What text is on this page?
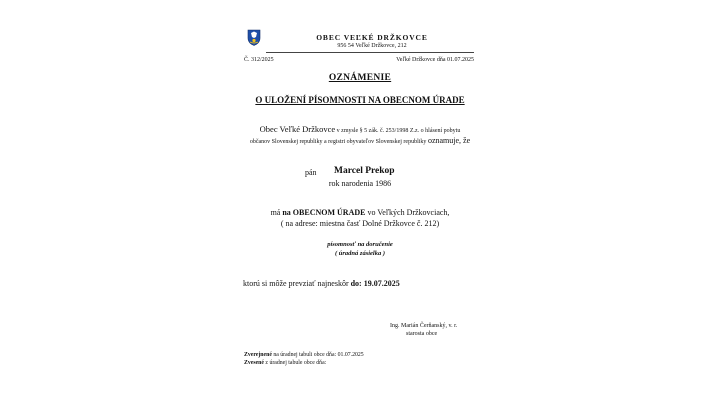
OBEC VEĽKÉ DRŽKOVCE
956 54 Veľké Držkovce, 212
Č. 312/2025	Veľké Držkovce dňa 01.07.2025
OZNÁMENIE
O ULOŽENÍ PÍSOMNOSTI NA OBECNOM ÚRADE
Obec Veľké Držkovce v zmysle § 5 zák. č. 253/1998 Z.z. o hlásení pobytu
občanov Slovenskej republiky a registri obyvateľov Slovenskej republiky oznamuje, že
pán Marcel Prekop
rok narodenia 1986
má na OBECNOM ÚRADE vo Veľkých Držkovciach,
( na adrese: miestna časť Dolné Držkovce č. 212)
písomnosť na doručenie
( úradná zásielka )
ktorú si môže prevziať najneskôr do: 19.07.2025
Ing. Marián Čerňanský, v. r.
starosta obce
Zverejnené na úradnej tabuli obce dňa: 01.07.2025
Zvesené z úradnej tabule obce dňa:
